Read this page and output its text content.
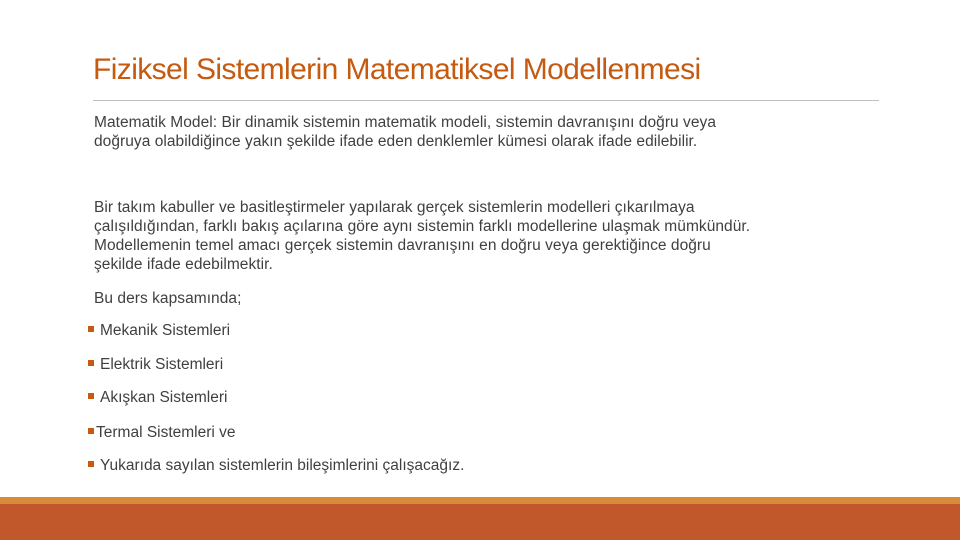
Fiziksel Sistemlerin Matematiksel Modellenmesi

Matematik Model: Bir dinamik sistemin matematik modeli, sistemin davranışını doğru veya
doğruya olabildiğince yakın şekilde ifade eden denklemler kümesi olarak ifade edilebilir.

Bir takım kabuller ve basitleştirmeler yapılarak gerçek sistemlerin modelleri çıkarılmaya
çalışıldığından, farklı bakış açılarına göre aynı sistemin farklı modellerine ulaşmak mümkündür.
Modellemenin temel amacı gerçek sistemin davranışını en doğru veya gerektiğince doğru
şekilde ifade edebilmektir.

Bu ders kapsamında;

Mekanik Sistemleri

Elektrik Sistemleri

Akışkan Sistemleri

Termal Sistemleri ve

Yukarıda sayılan sistemlerin bileşimlerini çalışacağız.
